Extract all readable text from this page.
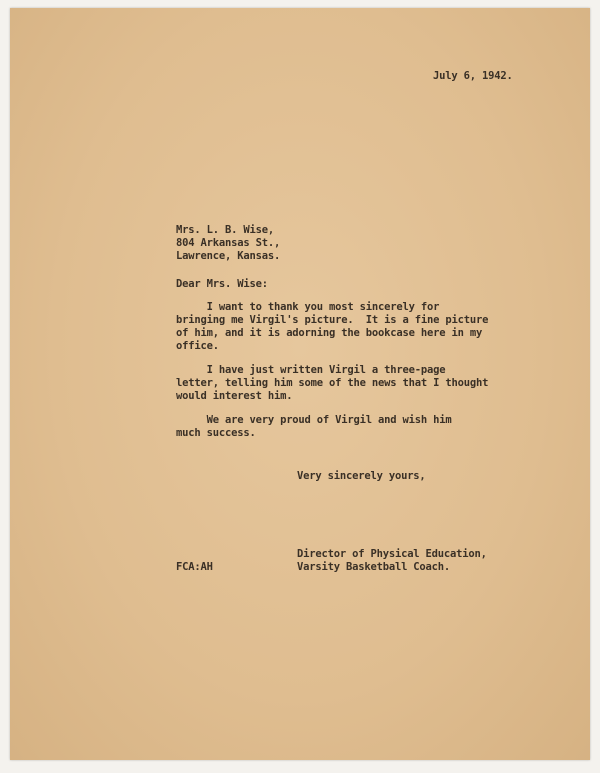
July 6, 1942.
Mrs. L. B. Wise,
804 Arkansas St.,
Lawrence, Kansas.
Dear Mrs. Wise:
I want to thank you most sincerely for
bringing me Virgil's picture.  It is a fine picture
of him, and it is adorning the bookcase here in my
office.
I have just written Virgil a three-page
letter, telling him some of the news that I thought
would interest him.
We are very proud of Virgil and wish him
much success.
Very sincerely yours,
Director of Physical Education,
Varsity Basketball Coach.
FCA:AH
